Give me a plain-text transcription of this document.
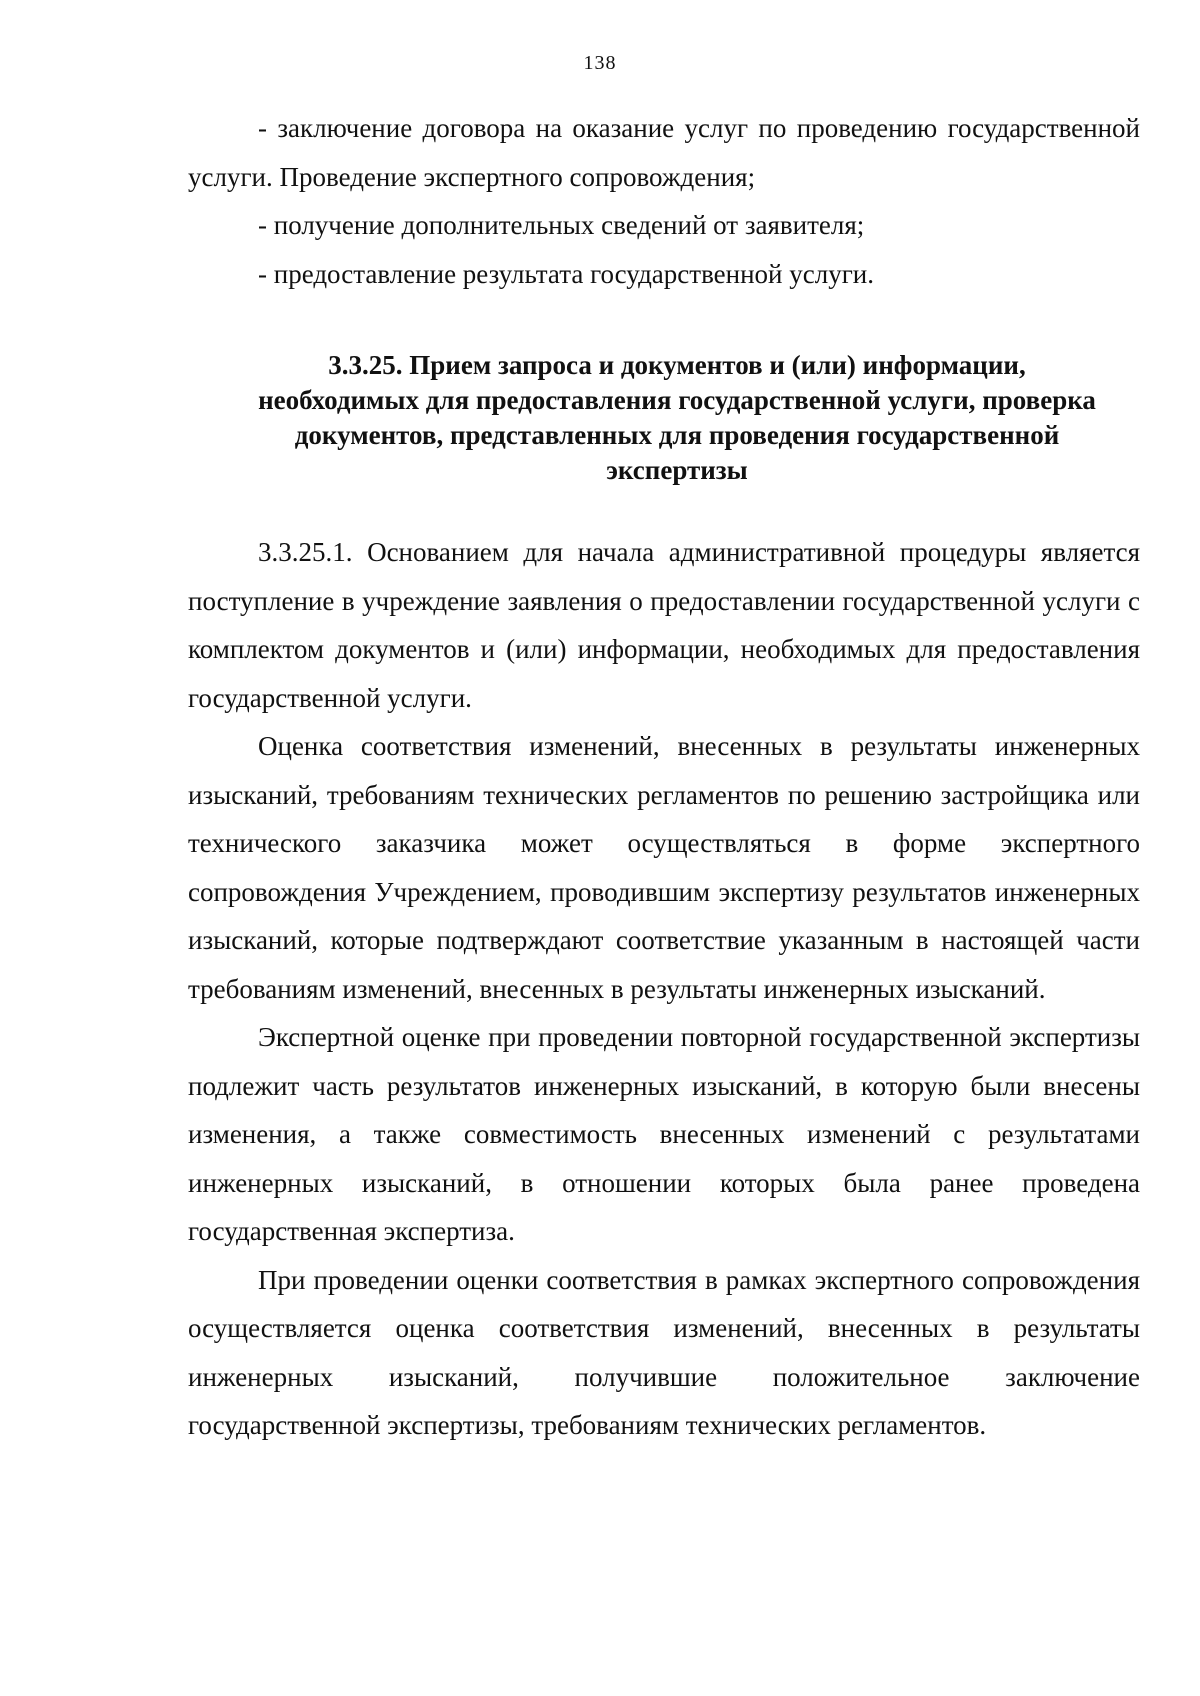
138

- заключение договора на оказание услуг по проведению государственной услуги. Проведение экспертного сопровождения;

- получение дополнительных сведений от заявителя;

- предоставление результата государственной услуги.

3.3.25. Прием запроса и документов и (или) информации,

необходимых для предоставления государственной услуги, проверка

документов, представленных для проведения государственной

экспертизы

3.3.25.1. Основанием для начала административной процедуры является поступление в учреждение заявления о предоставлении государственной услуги с комплектом документов и (или) информации, необходимых для предоставления государственной услуги.

Оценка соответствия изменений, внесенных в результаты инженерных изысканий, требованиям технических регламентов по решению застройщика или технического заказчика может осуществляться в форме экспертного сопровождения Учреждением, проводившим экспертизу результатов инженерных изысканий, которые подтверждают соответствие указанным в настоящей части требованиям изменений, внесенных в результаты инженерных изысканий.

Экспертной оценке при проведении повторной государственной экспертизы подлежит часть результатов инженерных изысканий, в которую были внесены изменения, а также совместимость внесенных изменений с результатами инженерных изысканий, в отношении которых была ранее проведена государственная экспертиза.

При проведении оценки соответствия в рамках экспертного сопровождения осуществляется оценка соответствия изменений, внесенных в результаты инженерных изысканий, получившие положительное заключение государственной экспертизы, требованиям технических регламентов.
